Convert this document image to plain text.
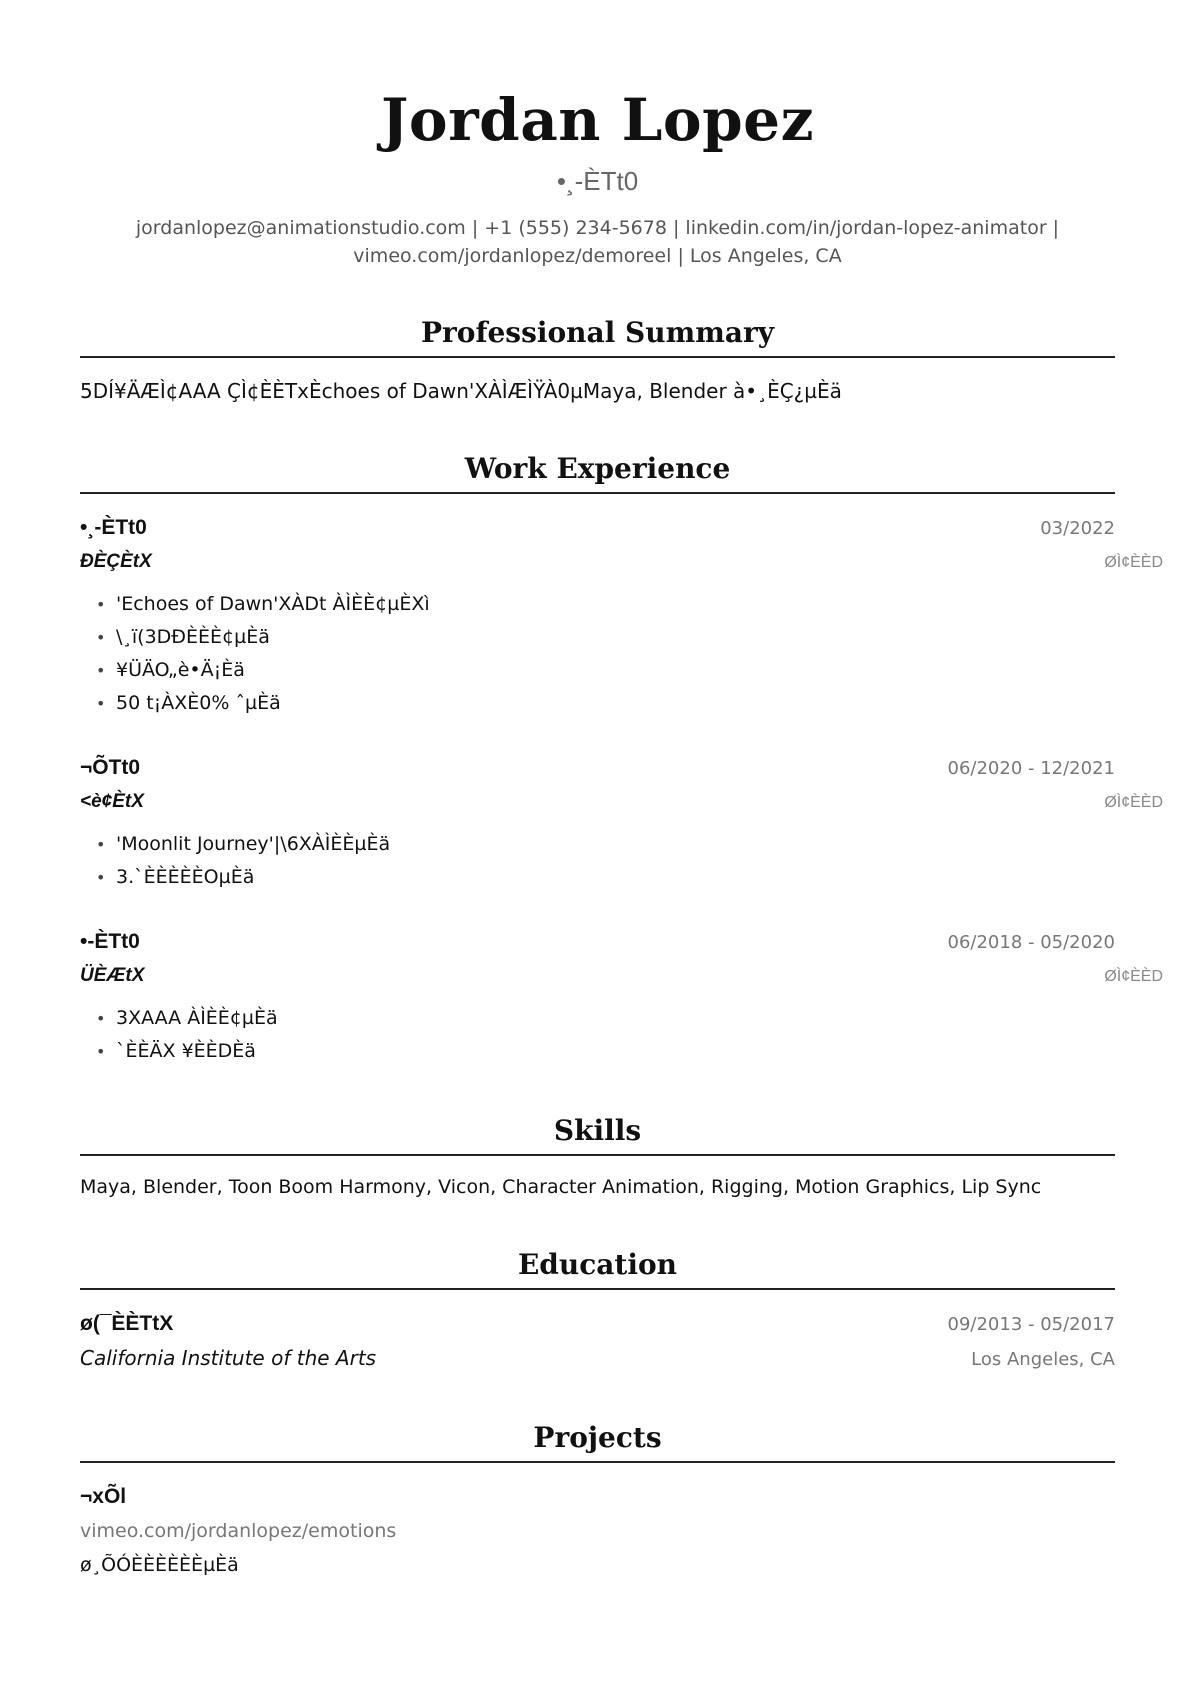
Jordan Lopez
•¸-ÈTt0
jordanlopez@animationstudio.com | +1 (555) 234-5678 | linkedin.com/in/jordan-lopez-animator |
vimeo.com/jordanlopez/demoreel | Los Angeles, CA
Professional Summary
5DÍ¥ÄÆÌ¢AAA ÇÌ¢ÈÈTxÈchoes of Dawn'XÀÌÆÌŸÀ0µMaya, Blender à•¸ÈÇ¿µÈä
Work Experience
•¸-ÈTt0	03/2022
ÐÈÇÈtX	ØÌ¢ÈÈD
• 'Echoes of Dawn'XÀDt ÀÌÈÈ¢µÈXì
• \¸ï(3DÐÈÈÈ¢µÈä
• ¥ÜÄO„è•Ä¡Èä
• 50 t¡ÀXÈ0% ˆµÈä
¬ÕTt0	06/2020 - 12/2021
<è¢ÈtX	ØÌ¢ÈÈD
• 'Moonlit Journey'|\6XÀÌÈÈµÈä
• 3.`ÈÈÈÈÈOµÈä
•-ÈTt0	06/2018 - 05/2020
ÜÈÆtX	ØÌ¢ÈÈD
• 3XAAA ÀÌÈÈ¢µÈä
• `ÈÈÄX ¥ÈÈDÈä
Skills
Maya, Blender, Toon Boom Harmony, Vicon, Character Animation, Rigging, Motion Graphics, Lip Sync
Education
ø(¯ÈÈTtX	09/2013 - 05/2017
California Institute of the Arts	Los Angeles, CA
Projects
¬xÕl
vimeo.com/jordanlopez/emotions
ø¸ÕÓÈÈÈÈÈÈµÈä
